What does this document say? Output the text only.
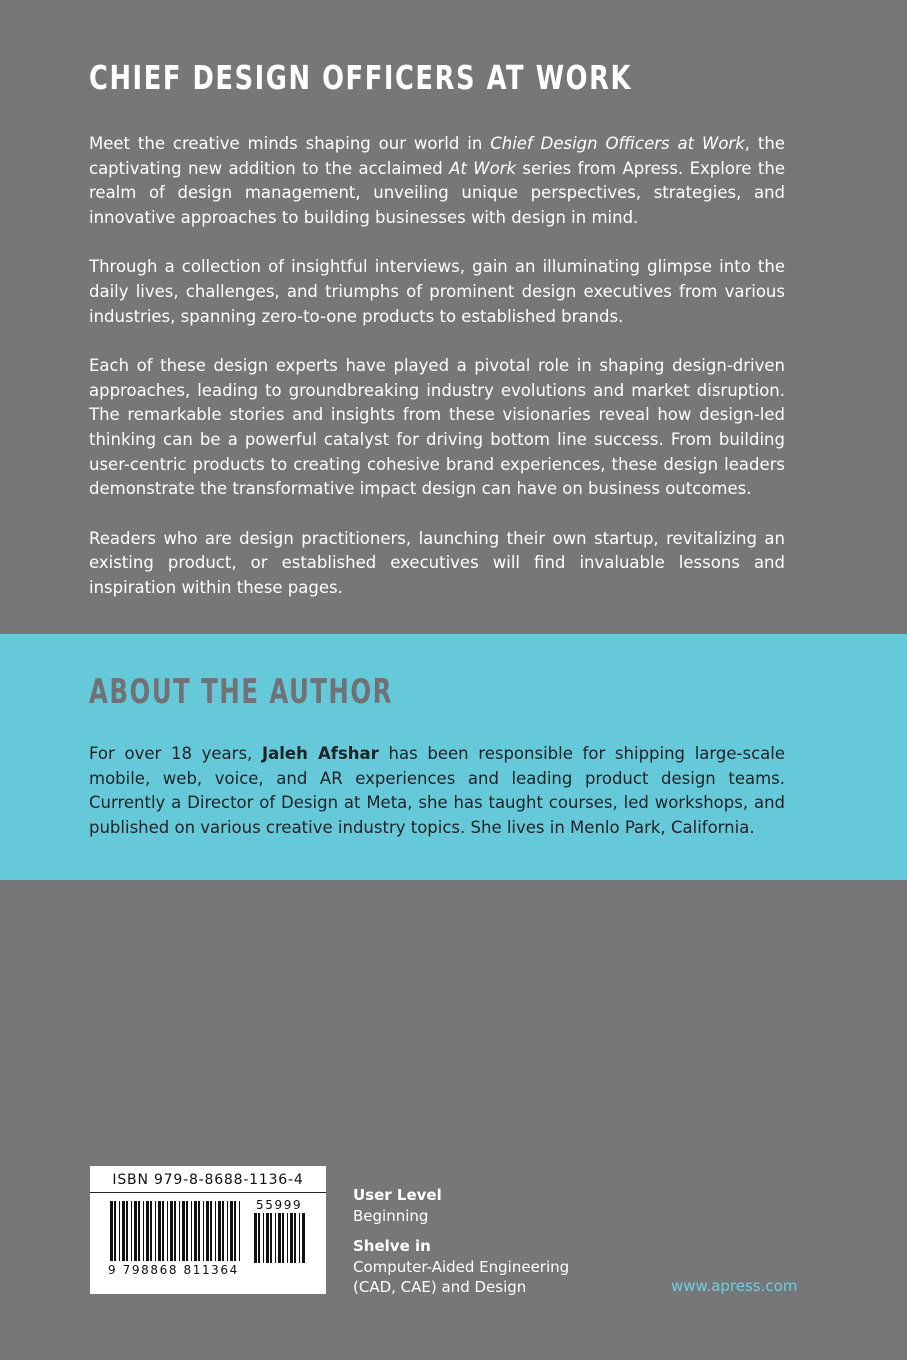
CHIEF DESIGN OFFICERS AT WORK

Meet the creative minds shaping our world in Chief Design Officers at Work, the captivating new addition to the acclaimed At Work series from Apress. Explore the realm of design management, unveiling unique perspectives, strategies, and innovative approaches to building businesses with design in mind.

Through a collection of insightful interviews, gain an illuminating glimpse into the daily lives, challenges, and triumphs of prominent design executives from various industries, spanning zero-to-one products to established brands.

Each of these design experts have played a pivotal role in shaping design-driven approaches, leading to groundbreaking industry evolutions and market disruption. The remarkable stories and insights from these visionaries reveal how design-led thinking can be a powerful catalyst for driving bottom line success. From building user-centric products to creating cohesive brand experiences, these design leaders demonstrate the transformative impact design can have on business outcomes.

Readers who are design practitioners, launching their own startup, revitalizing an existing product, or established executives will find invaluable lessons and inspiration within these pages.

ABOUT THE AUTHOR

For over 18 years, Jaleh Afshar has been responsible for shipping large-scale mobile, web, voice, and AR experiences and leading product design teams. Currently a Director of Design at Meta, she has taught courses, led workshops, and published on various creative industry topics. She lives in Menlo Park, California.

ISBN 979-8-8688-1136-4
55999
9 798868 811364
User Level
Beginning
Shelve in
Computer-Aided Engineering
(CAD, CAE) and Design	www.apress.com
